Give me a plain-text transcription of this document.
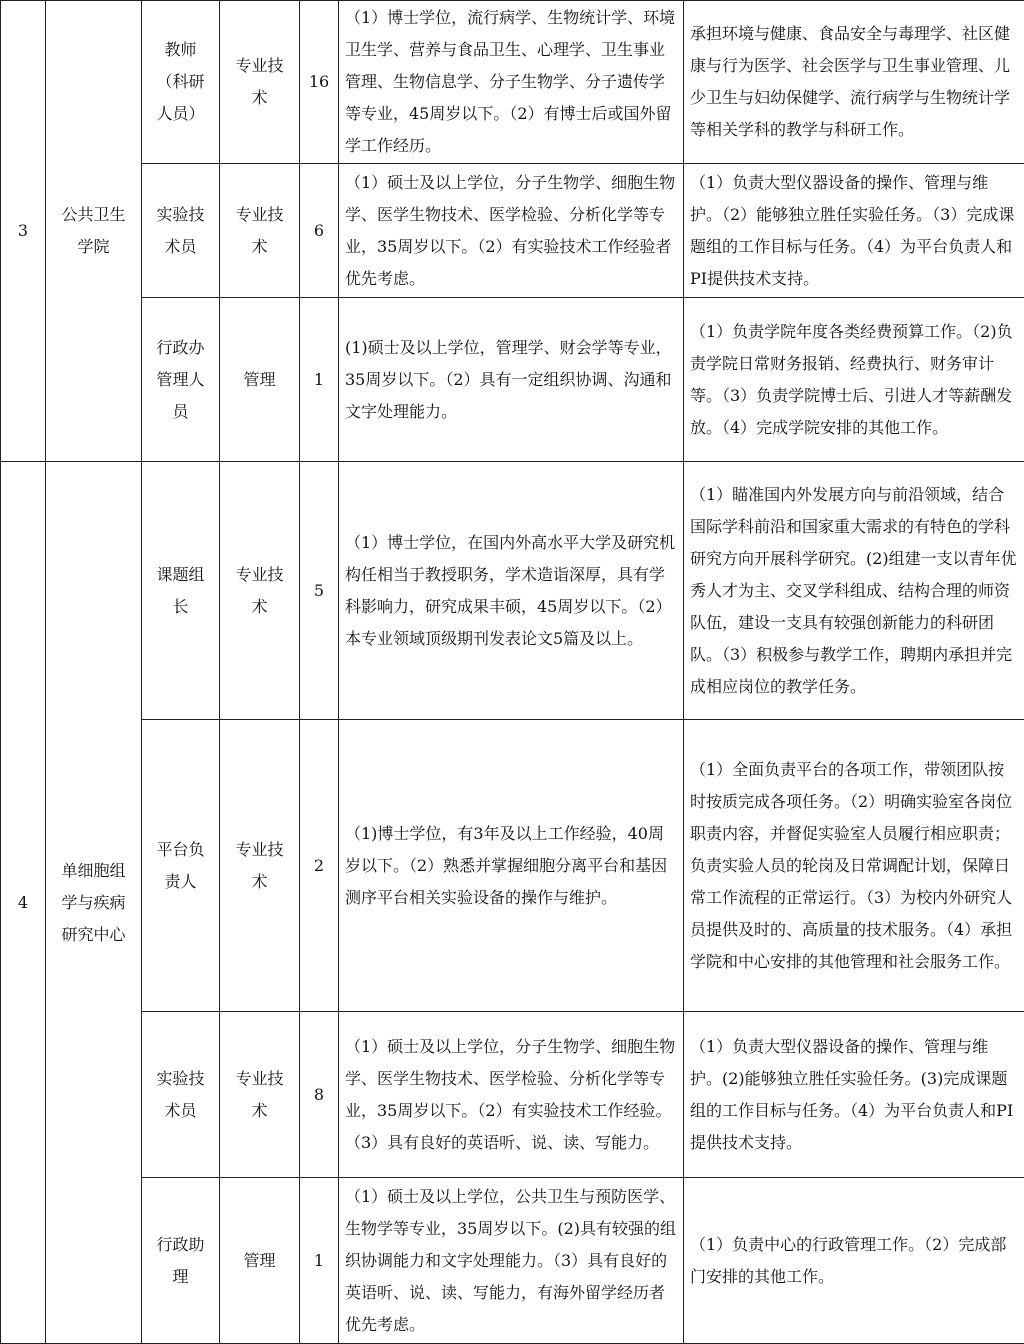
3	公共卫生学院	教师（科研人员）	专业技术	16	（1）博士学位，流行病学、生物统计学、环境卫生学、营养与食品卫生、心理学、卫生事业管理、生物信息学、分子生物学、分子遗传学等专业，45周岁以下。（2）有博士后或国外留学工作经历。	承担环境与健康、食品安全与毒理学、社区健康与行为医学、社会医学与卫生事业管理、儿少卫生与妇幼保健学、流行病学与生物统计学等相关学科的教学与科研工作。
		实验技术员	专业技术	6	（1）硕士及以上学位，分子生物学、细胞生物学、医学生物技术、医学检验、分析化学等专业，35周岁以下。（2）有实验技术工作经验者优先考虑。	（1）负责大型仪器设备的操作、管理与维护。（2）能够独立胜任实验任务。（3）完成课题组的工作目标与任务。（4）为平台负责人和PI提供技术支持。
		行政办管理人员	管理	1	(1)硕士及以上学位，管理学、财会学等专业，35周岁以下。（2）具有一定组织协调、沟通和文字处理能力。	（1）负责学院年度各类经费预算工作。（2)负责学院日常财务报销、经费执行、财务审计等。（3）负责学院博士后、引进人才等薪酬发放。（4）完成学院安排的其他工作。
4	单细胞组学与疾病研究中心	课题组长	专业技术	5	（1）博士学位，在国内外高水平大学及研究机构任相当于教授职务，学术造诣深厚，具有学科影响力，研究成果丰硕，45周岁以下。（2）本专业领域顶级期刊发表论文5篇及以上。	（1）瞄准国内外发展方向与前沿领域，结合国际学科前沿和国家重大需求的有特色的学科研究方向开展科学研究。(2)组建一支以青年优秀人才为主、交叉学科组成、结构合理的师资队伍，建设一支具有较强创新能力的科研团队。（3）积极参与教学工作，聘期内承担并完成相应岗位的教学任务。
		平台负责人	专业技术	2	（1)博士学位，有3年及以上工作经验，40周岁以下。（2）熟悉并掌握细胞分离平台和基因测序平台相关实验设备的操作与维护。	（1）全面负责平台的各项工作，带领团队按时按质完成各项任务。（2）明确实验室各岗位职责内容，并督促实验室人员履行相应职责；负责实验人员的轮岗及日常调配计划，保障日常工作流程的正常运行。（3）为校内外研究人员提供及时的、高质量的技术服务。（4）承担学院和中心安排的其他管理和社会服务工作。
		实验技术员	专业技术	8	（1）硕士及以上学位，分子生物学、细胞生物学、医学生物技术、医学检验、分析化学等专业，35周岁以下。（2）有实验技术工作经验。（3）具有良好的英语听、说、读、写能力。	（1）负责大型仪器设备的操作、管理与维护。(2)能够独立胜任实验任务。(3)完成课题组的工作目标与任务。（4）为平台负责人和PI提供技术支持。
		行政助理	管理	1	（1）硕士及以上学位，公共卫生与预防医学、生物学等专业，35周岁以下。(2)具有较强的组织协调能力和文字处理能力。（3）具有良好的英语听、说、读、写能力，有海外留学经历者优先考虑。	（1）负责中心的行政管理工作。（2）完成部门安排的其他工作。
